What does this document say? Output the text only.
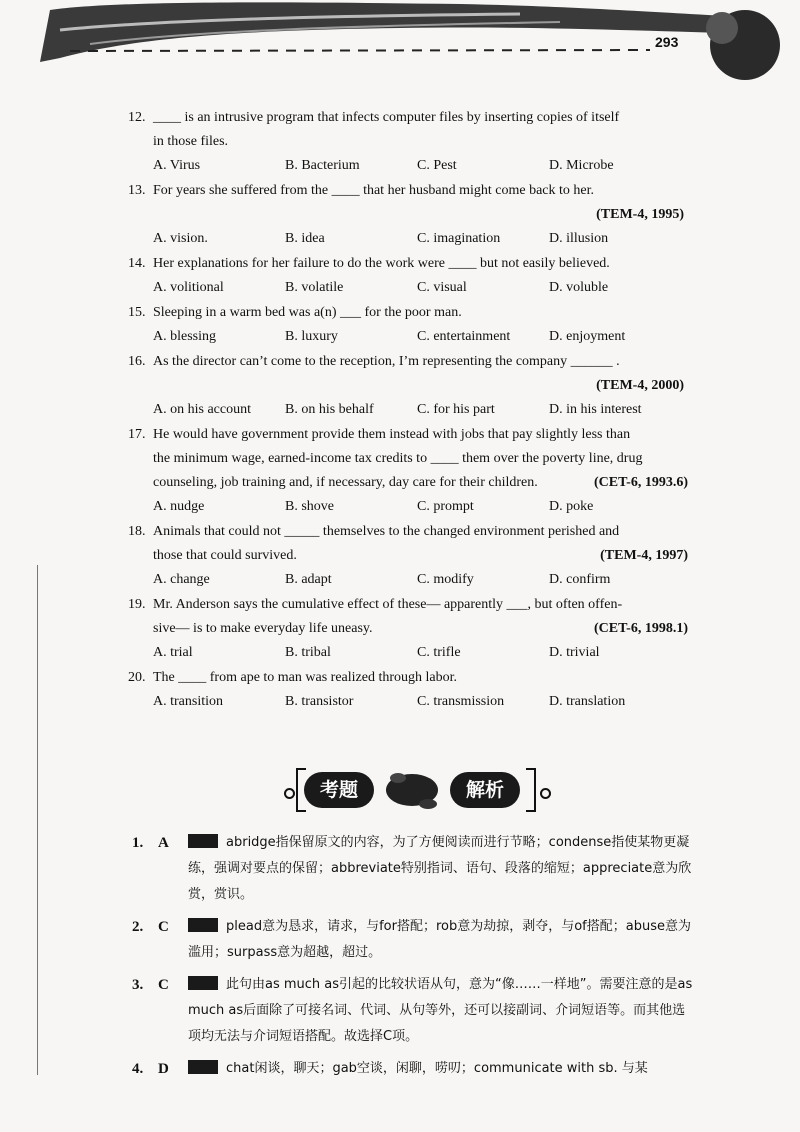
293
12. ____ is an intrusive program that infects computer files by inserting copies of itself
in those files.
A. Virus	B. Bacterium	C. Pest	D. Microbe
13. For years she suffered from the ____ that her husband might come back to her.
(TEM-4, 1995)
A. vision.	B. idea	C. imagination	D. illusion
14. Her explanations for her failure to do the work were ____ but not easily believed.
A. volitional	B. volatile	C. visual	D. voluble
15. Sleeping in a warm bed was a(n) ___ for the poor man.
A. blessing	B. luxury	C. entertainment	D. enjoyment
16. As the director can’t come to the reception, I’m representing the company ______ .
(TEM-4, 2000)
A. on his account	B. on his behalf	C. for his part	D. in his interest
17. He would have government provide them instead with jobs that pay slightly less than
the minimum wage, earned-income tax credits to ____ them over the poverty line, drug
counseling, job training and, if necessary, day care for their children.	(CET-6, 1993.6)
A. nudge	B. shove	C. prompt	D. poke
18. Animals that could not _____ themselves to the changed environment perished and
those that could survived.	(TEM-4, 1997)
A. change	B. adapt	C. modify	D. confirm
19. Mr. Anderson says the cumulative effect of these— apparently ___, but often offen-
sive— is to make everyday life uneasy.	(CET-6, 1998.1)
A. trial	B. tribal	C. trifle	D. trivial
20. The ____ from ape to man was realized through labor.
A. transition	B. transistor	C. transmission	D. translation
考题	解析
1. A	abridge指保留原文的内容，为了方便阅读而进行节略；condense指使某物更凝练，强调对要点的保留；abbreviate特别指词、语句、段落的缩短；appreciate意为欣赏，赏识。
2. C	plead意为恳求，请求，与for搭配；rob意为劫掠，剥夺，与of搭配；abuse意为滥用；surpass意为超越，超过。
3. C	此句由as much as引起的比较状语从句，意为“像……一样地”。需要注意的是as much as后面除了可接名词、代词、从句等外，还可以接副词、介词短语等。而其他选项均无法与介词短语搭配。故选择C项。
4. D	chat闲谈，聊天；gab空谈，闲聊，唠叨；communicate with sb. 与某
